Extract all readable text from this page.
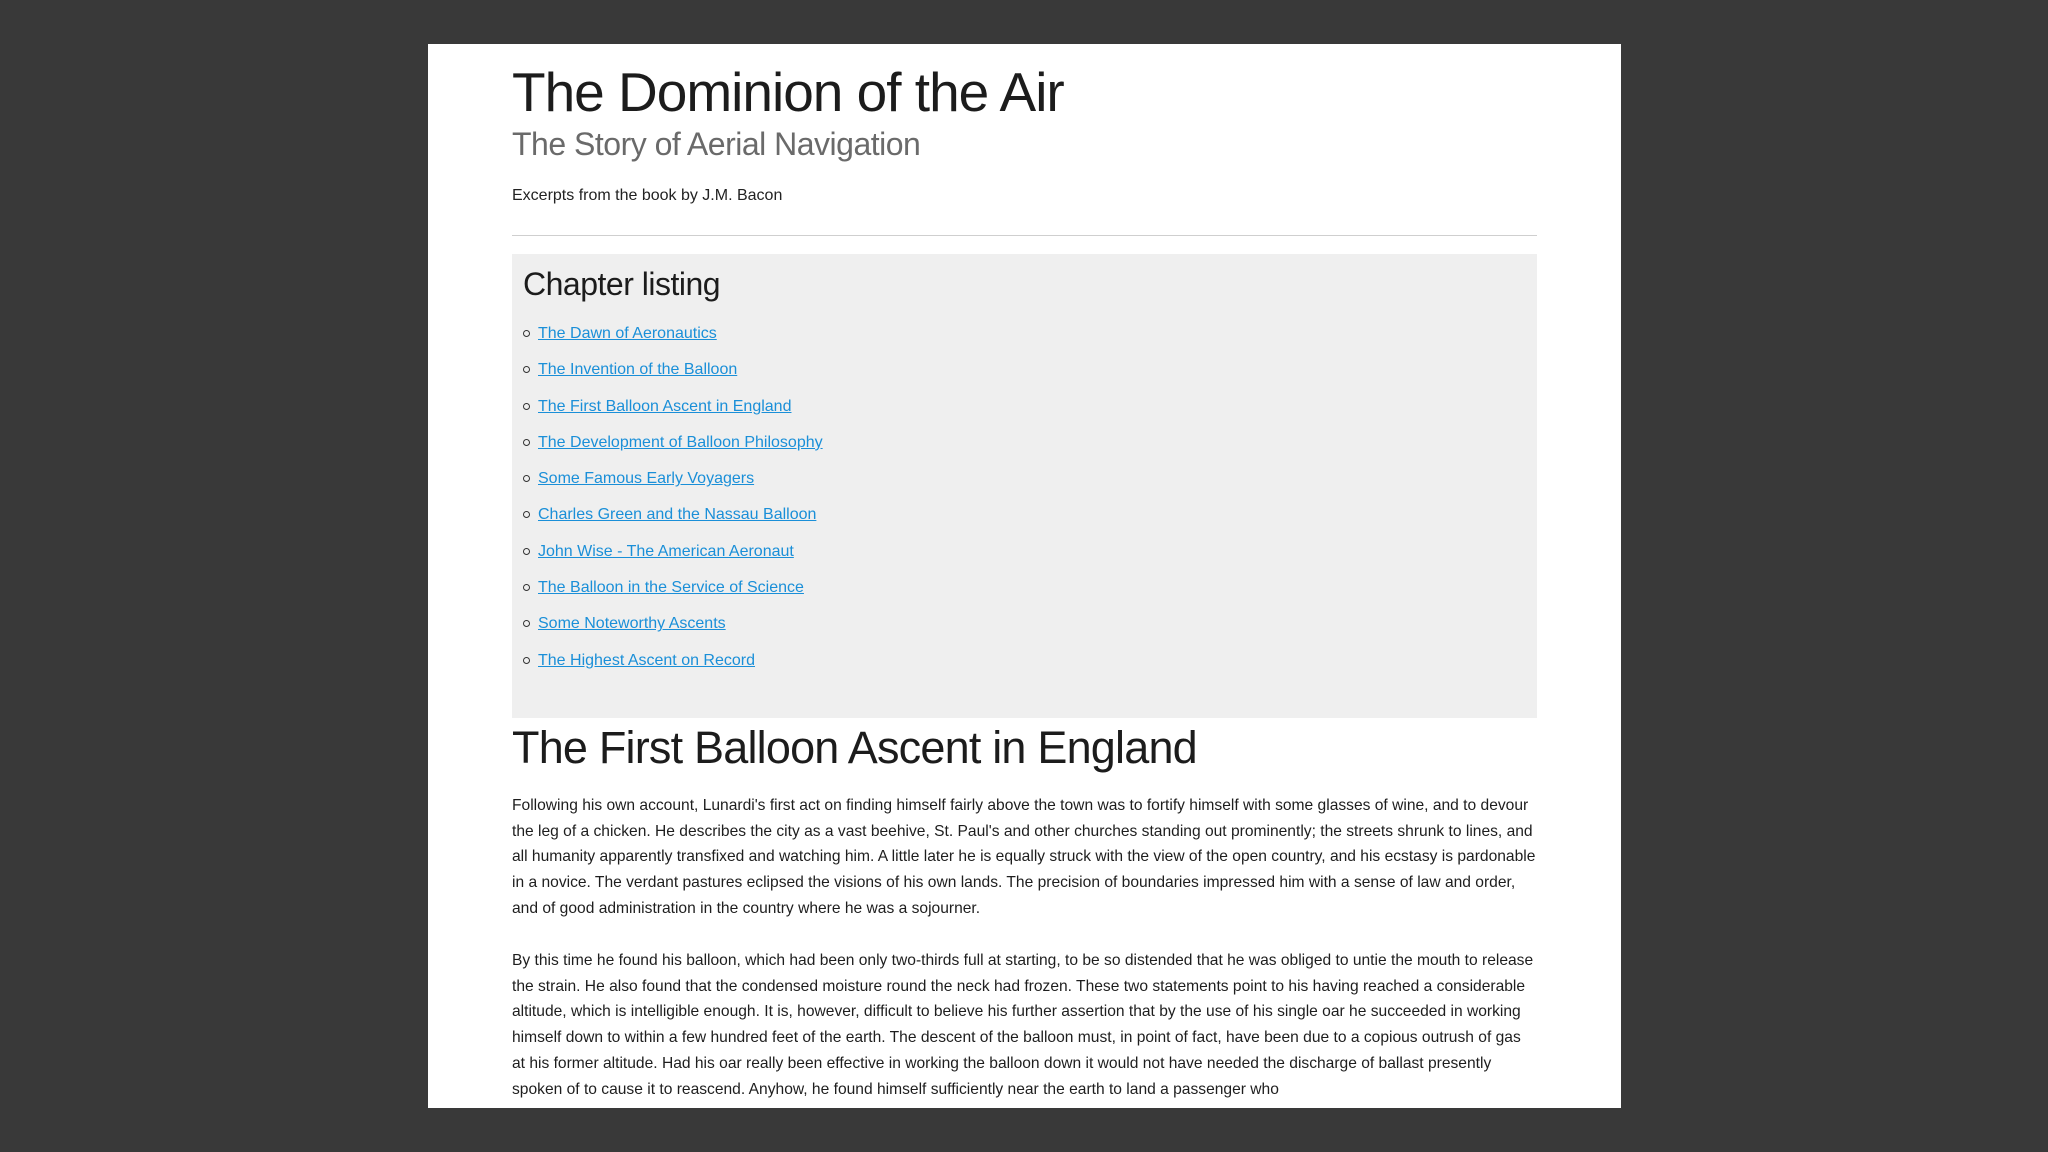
The Dominion of the Air
The Story of Aerial Navigation
Excerpts from the book by J.M. Bacon
Chapter listing
The Dawn of Aeronautics
The Invention of the Balloon
The First Balloon Ascent in England
The Development of Balloon Philosophy
Some Famous Early Voyagers
Charles Green and the Nassau Balloon
John Wise - The American Aeronaut
The Balloon in the Service of Science
Some Noteworthy Ascents
The Highest Ascent on Record
The First Balloon Ascent in England

Following his own account, Lunardi's first act on finding himself fairly above the town was to fortify himself with some glasses of wine, and to devour the leg of a chicken. He describes the city as a vast beehive, St. Paul's and other churches standing out prominently; the streets shrunk to lines, and all humanity apparently transfixed and watching him. A little later he is equally struck with the view of the open country, and his ecstasy is pardonable in a novice. The verdant pastures eclipsed the visions of his own lands. The precision of boundaries impressed him with a sense of law and order, and of good administration in the country where he was a sojourner.

By this time he found his balloon, which had been only two-thirds full at starting, to be so distended that he was obliged to untie the mouth to release the strain. He also found that the condensed moisture round the neck had frozen. These two statements point to his having reached a considerable altitude, which is intelligible enough. It is, however, difficult to believe his further assertion that by the use of his single oar he succeeded in working himself down to within a few hundred feet of the earth. The descent of the balloon must, in point of fact, have been due to a copious outrush of gas at his former altitude. Had his oar really been effective in working the balloon down it would not have needed the discharge of ballast presently spoken of to cause it to reascend. Anyhow, he found himself sufficiently near the earth to land a passenger who
